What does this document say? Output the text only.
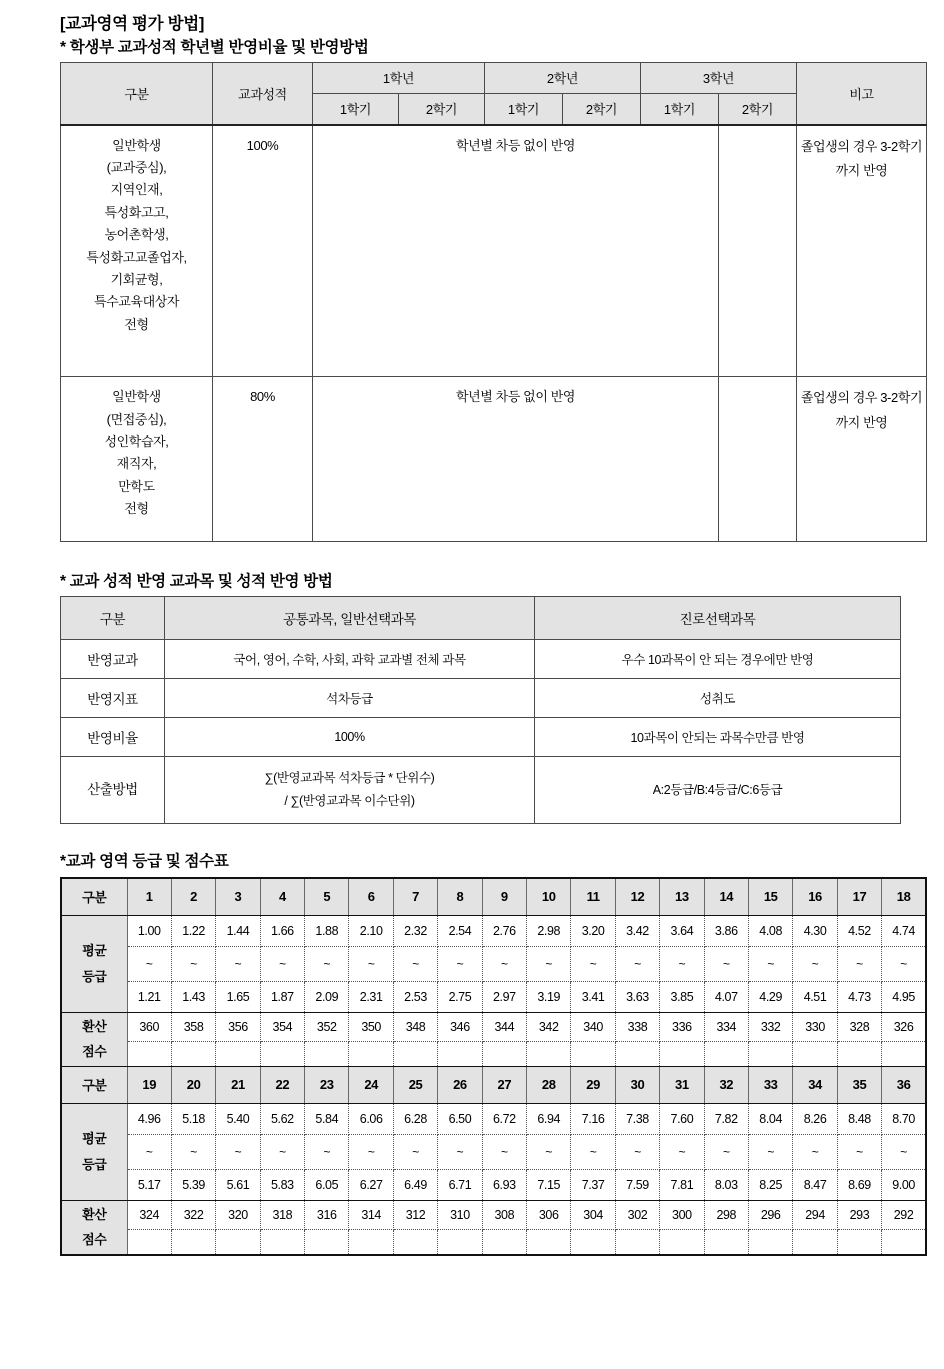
[교과영역 평가 방법]
* 학생부 교과성적 학년별 반영비율 및 반영방법
구분	교과성적	1학년		2학년		3학년		비고
		1학기	2학기	1학기	2학기	1학기	2학기	

일반학생
(교과중심),
지역인재,
특성화고고,
농어촌학생,
특성화고교졸업자,
기회균형,
특수교육대상자
전형
	100%	학년별 차등 없이 반영		졸업생의 경우 3-2학기까지 반영

일반학생
(면접중심),
성인학습자,
재직자,
만학도
전형
	80%	학년별 차등 없이 반영		졸업생의 경우 3-2학기까지 반영
* 교과 성적 반영 교과목 및 성적 반영 방법
구분	공통과목, 일반선택과목	진로선택과목
반영교과	국어, 영어, 수학, 사회, 과학 교과별 전체 과목	우수 10과목이 안 되는 경우에만 반영
반영지표	석차등급	성취도
반영비율	100%	10과목이 안되는 과목수만큼 반영
산출방법	∑(반영교과목 석차등급 * 단위수)
/ ∑(반영교과목 이수단위)	A:2등급/B:4등급/C:6등급
*교과 영역 등급 및 점수표
구분	1	2	3	4	5	6	7	8	9	10	11	12	13	14	15	16	17	18

평균
등급	1.00	1.22	1.44	1.66	1.88	2.10	2.32	2.54	2.76	2.98	3.20	3.42	3.64	3.86	4.08	4.30	4.52	4.74
	~	~	~	~	~	~	~	~	~	~	~	~	~	~	~	~	~	~
	1.21	1.43	1.65	1.87	2.09	2.31	2.53	2.75	2.97	3.19	3.41	3.63	3.85	4.07	4.29	4.51	4.73	4.95

환산
점수	360	358	356	354	352	350	348	346	344	342	340	338	336	334	332	330	328	326

구분	19	20	21	22	23	24	25	26	27	28	29	30	31	32	33	34	35	36

평균
등급	4.96	5.18	5.40	5.62	5.84	6.06	6.28	6.50	6.72	6.94	7.16	7.38	7.60	7.82	8.04	8.26	8.48	8.70
	~	~	~	~	~	~	~	~	~	~	~	~	~	~	~	~	~	~
	5.17	5.39	5.61	5.83	6.05	6.27	6.49	6.71	6.93	7.15	7.37	7.59	7.81	8.03	8.25	8.47	8.69	9.00

환산
점수	324	322	320	318	316	314	312	310	308	306	304	302	300	298	296	294	293	292
